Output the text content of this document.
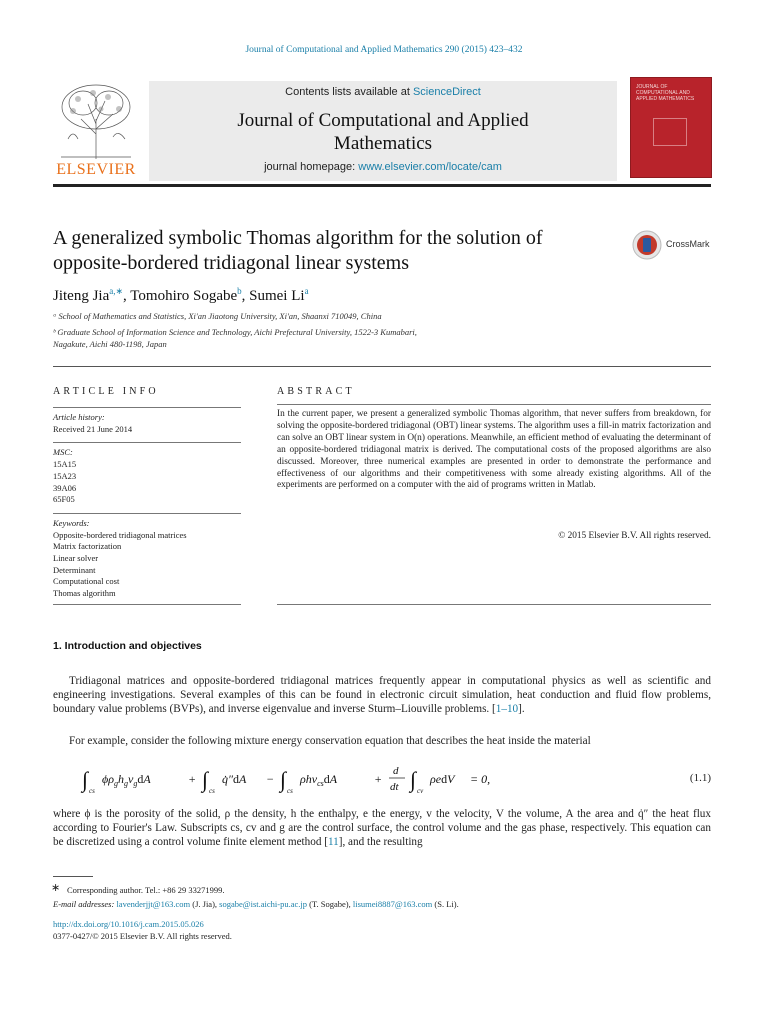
Journal of Computational and Applied Mathematics 290 (2015) 423–432
ELSEVIER
Contents lists available at ScienceDirect
Journal of Computational and Applied
Mathematics
journal homepage: www.elsevier.com/locate/cam
JOURNAL OF COMPUTATIONAL AND APPLIED MATHEMATICS
A generalized symbolic Thomas algorithm for the solution of
opposite-bordered tridiagonal linear systems
CrossMark
Jiteng Jia$^{a,∗}$, Tomohiro Sogabe$^b$, Sumei Li$^a$
ᵃ School of Mathematics and Statistics, Xi'an Jiaotong University, Xi'an, Shaanxi 710049, China
ᵇ Graduate School of Information Science and Technology, Aichi Prefectural University, 1522-3 Kumabari,
Nagakute, Aichi 480-1198, Japan
ARTICLE INFO	ABSTRACT
Article history:
Received 21 June 2014
MSC:
15A15
15A23
39A06
65F05
Keywords:
Opposite-bordered tridiagonal matrices
Matrix factorization
Linear solver
Determinant
Computational cost
Thomas algorithm
In the current paper, we present a generalized symbolic Thomas algorithm, that never suffers from breakdown, for solving the opposite-bordered tridiagonal (OBT) linear systems. The algorithm uses a fill-in matrix factorization and can solve an OBT linear system in O(n) operations. Meanwhile, an efficient method of evaluating the determinant of an opposite-bordered tridiagonal matrix is derived. The computational costs of the proposed algorithms are also discussed. Moreover, three numerical examples are presented in order to demonstrate the performance and effectiveness of our algorithms and their competitiveness with some already existing algorithms. All of the experiments are performed on a computer with the aid of programs written in Matlab.
© 2015 Elsevier B.V. All rights reserved.
1. Introduction and objectives
Tridiagonal matrices and opposite-bordered tridiagonal matrices frequently appear in computational physics as well as scientific and engineering investigations. Several examples of this can be found in electronic circuit simulation, heat conduction and fluid flow problems, boundary value problems (BVPs), and inverse eigenvalue and inverse Sturm–Liouville problems. [1–10].
For example, consider the following mixture energy conservation equation that describes the heat inside the material
∫ cs
$\phi\rho_gh_gv_gdA$	+ ∫ cs
q̇″dA − ∫ cs
ρhv$_{cs}$dA	+
d
dt ∫ cv
ρedV = 0,	(1.1)
where ϕ is the porosity of the solid, ρ the density, h the enthalpy, e the energy, v the velocity, V the volume, A the area and q̇″ the heat flux according to Fourier's Law. Subscripts cs, cv and g are the control surface, the control volume and the gas phase, respectively. This equation can be discretized using a control volume finite element method [11], and the resulting
∗ Corresponding author. Tel.: +86 29 33271999.
E-mail addresses: lavenderjjt@163.com (J. Jia), sogabe@ist.aichi-pu.ac.jp (T. Sogabe), lisumei8887@163.com (S. Li).
http://dx.doi.org/10.1016/j.cam.2015.05.026
0377-0427/© 2015 Elsevier B.V. All rights reserved.
